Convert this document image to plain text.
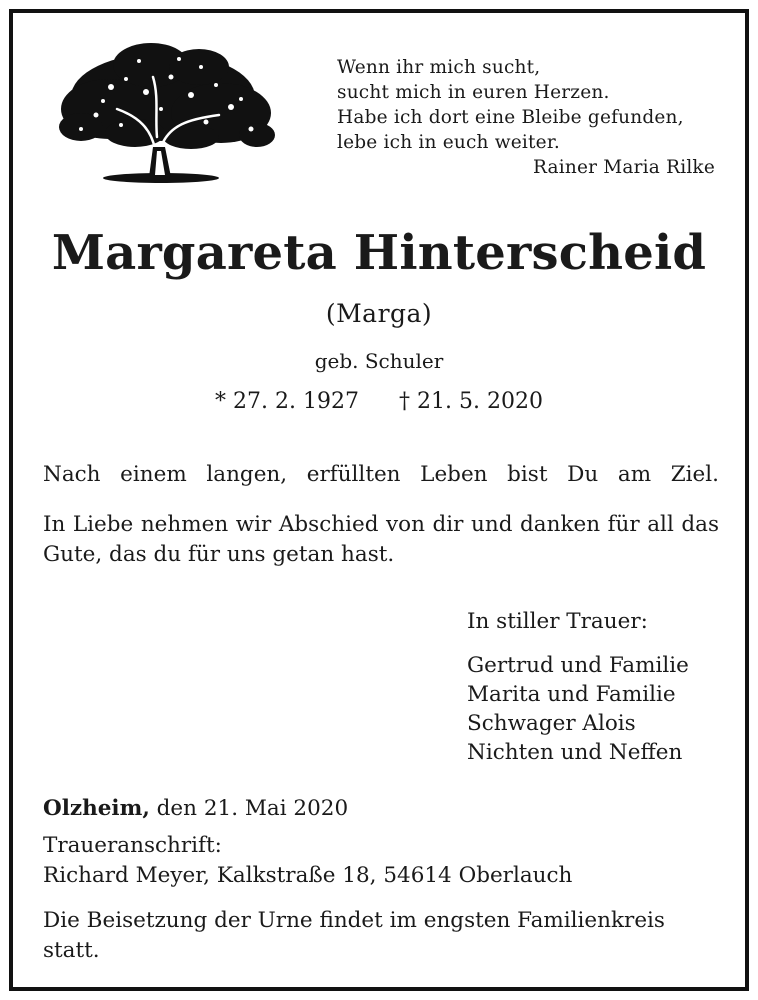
Wenn ihr mich sucht,
sucht mich in euren Herzen.
Habe ich dort eine Bleibe gefunden,
lebe ich in euch weiter.
Rainer Maria Rilke
Margareta Hinterscheid
(Marga)
geb. Schuler
* 27. 2. 1927 † 21. 5. 2020
Nach einem langen, erfüllten Leben bist Du am Ziel.
In Liebe nehmen wir Abschied von dir und danken für all das Gute, das du für uns getan hast.
In stiller Trauer:
Gertrud und Familie
Marita und Familie
Schwager Alois
Nichten und Neffen
Olzheim, den 21. Mai 2020
Traueranschrift:
Richard Meyer, Kalkstraße 18, 54614 Oberlauch
Die Beisetzung der Urne findet im engsten Familienkreis statt.
